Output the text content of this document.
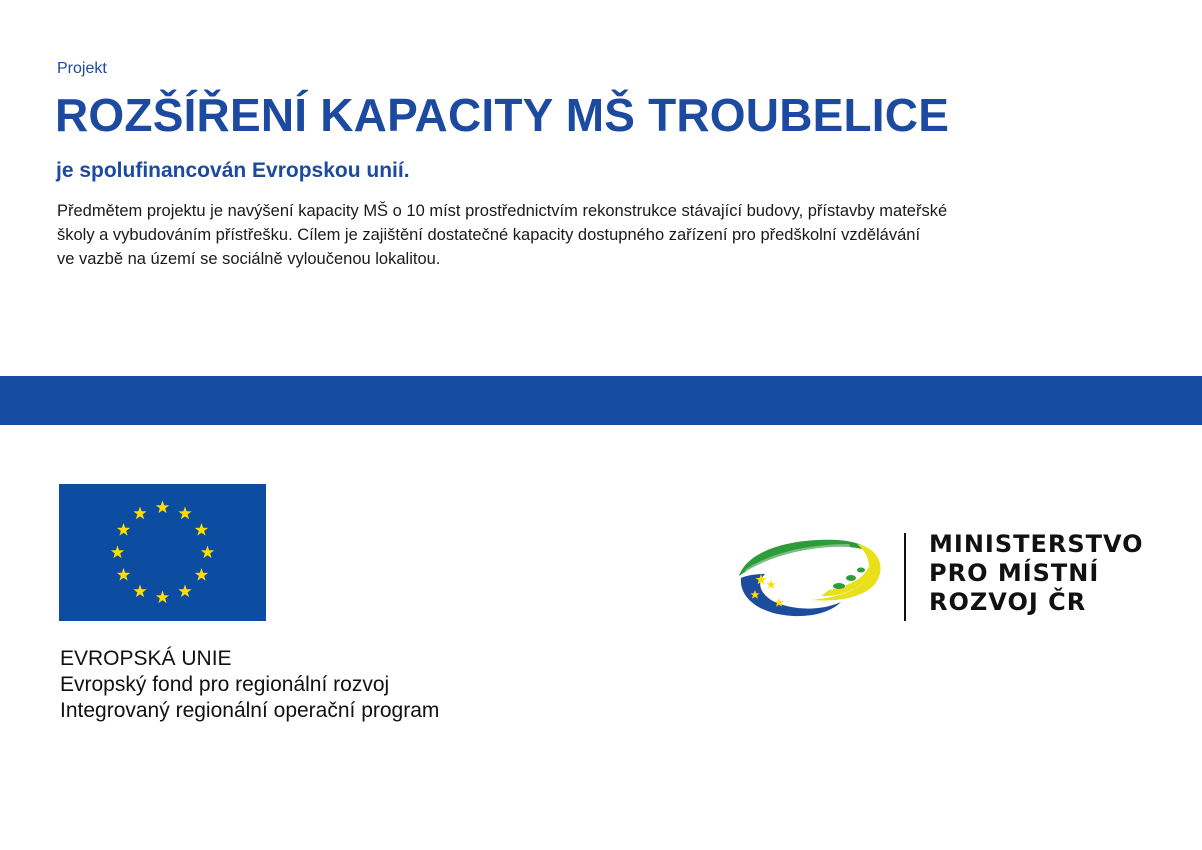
Projekt
ROZŠÍŘENÍ KAPACITY MŠ TROUBELICE
je spolufinancován Evropskou unií.
Předmětem projektu je navýšení kapacity MŠ o 10 míst prostřednictvím rekonstrukce stávající budovy, přístavby mateřské
školy a vybudováním přístřešku. Cílem je zajištění dostatečné kapacity dostupného zařízení pro předškolní vzdělávání
ve vazbě na území se sociálně vyloučenou lokalitou.
EVROPSKÁ UNIE
Evropský fond pro regionální rozvoj
Integrovaný regionální operační program
MINISTERSTVO
PRO MÍSTNÍ
ROZVOJ ČR
